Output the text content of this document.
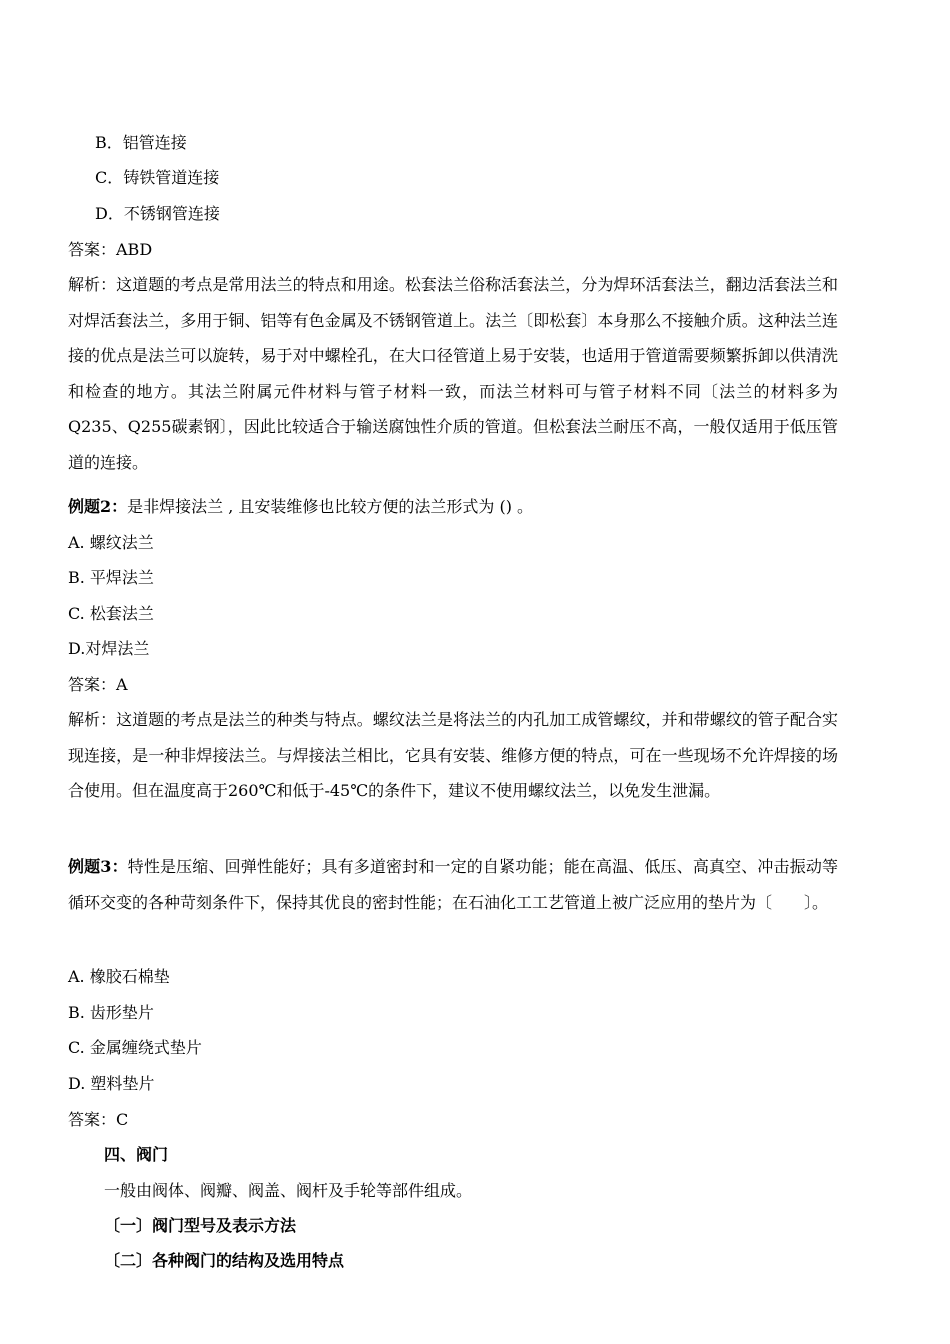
B．铝管连接
C．铸铁管道连接
D．不锈钢管连接
答案：ABD
解析：这道题的考点是常用法兰的特点和用途。松套法兰俗称活套法兰，分为焊环活套法兰，翻边活套法兰和对焊活套法兰，多用于铜、铝等有色金属及不锈钢管道上。法兰〔即松套〕本身那么不接触介质。这种法兰连接的优点是法兰可以旋转，易于对中螺栓孔，在大口径管道上易于安装，也适用于管道需要频繁拆卸以供清洗和检查的地方。其法兰附属元件材料与管子材料一致，而法兰材料可与管子材料不同〔法兰的材料多为Q235、Q255碳素钢〕，因此比较适合于输送腐蚀性介质的管道。但松套法兰耐压不高，一般仅适用于低压管道的连接。
例题2：是非焊接法兰 , 且安装维修也比较方便的法兰形式为 () 。
A. 螺纹法兰
B. 平焊法兰
C. 松套法兰
D.对焊法兰
答案：A
解析：这道题的考点是法兰的种类与特点。螺纹法兰是将法兰的内孔加工成管螺纹，并和带螺纹的管子配合实现连接，是一种非焊接法兰。与焊接法兰相比，它具有安装、维修方便的特点，可在一些现场不允许焊接的场合使用。但在温度高于260℃和低于-45℃的条件下，建议不使用螺纹法兰，以免发生泄漏。
例题3：特性是压缩、回弹性能好；具有多道密封和一定的自紧功能；能在高温、低压、高真空、冲击振动等循环交变的各种苛刻条件下，保持其优良的密封性能；在石油化工工艺管道上被广泛应用的垫片为〔　　〕。
A. 橡胶石棉垫
B. 齿形垫片
C. 金属缠绕式垫片
D. 塑料垫片
答案：C
四、阀门
一般由阀体、阀瓣、阀盖、阀杆及手轮等部件组成。
〔一〕阀门型号及表示方法
〔二〕各种阀门的结构及选用特点
